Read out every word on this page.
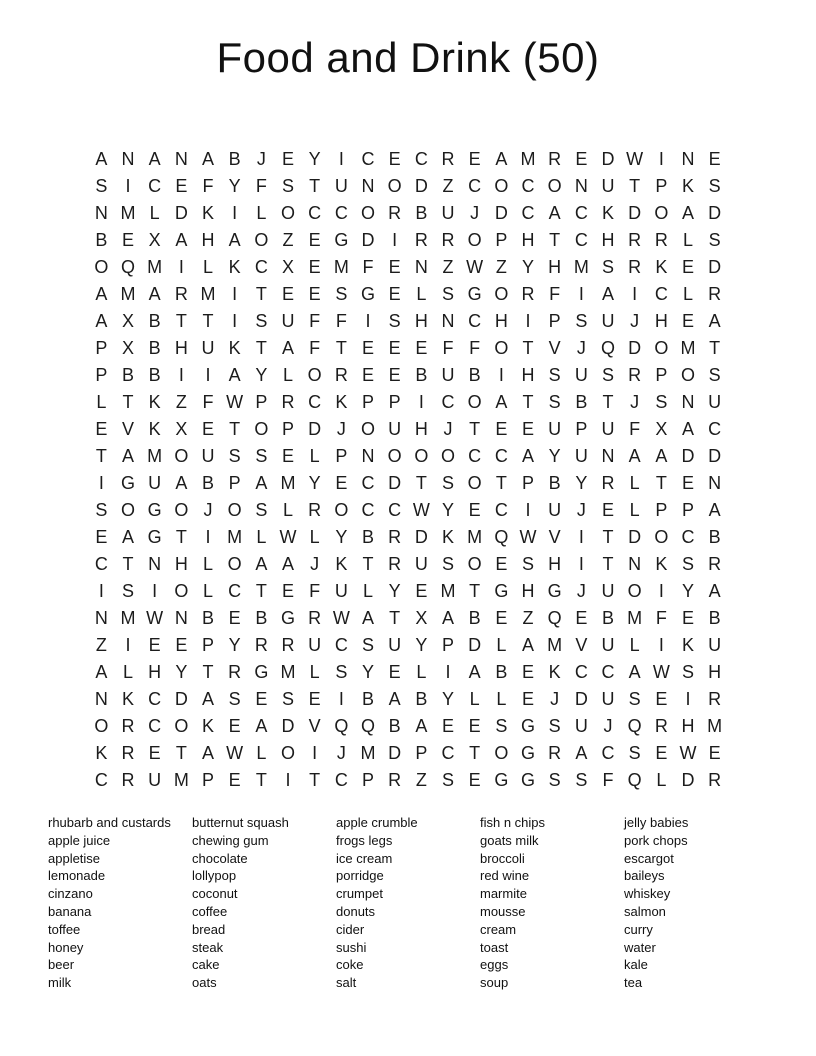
Food and Drink (50)
A N A N A B J E Y	I C E C R E A M R E D W I N E
S	I C E F Y F S T U N O D Z C O C O N U T P K S
N M L D K	I	L O C C O R B U J D C A C K D O A D
B E X A H A O Z E G D I R R O P H T C H R R L S
O Q M I	L K C X E M F E N Z W Z Y H M S R K E D
A M A R M I	T E E S G E L S G O R F	I	A	I C L R
A X B T T	I	S U F F	I	S H N C H I	P S U J H E A
P X B H U K T A F T E E E F F O T V J Q D O M T
P B B	I	I	A Y L O R E E B U B	I H S U S R P O S
L T K Z F W P R C K P P	I C O A T S B T J S N U
E V K X E T O P D J O U H J T E E U P U F X A C
T A M O U S S E L P N O O O C C A Y U N A A D D
I G U A B P A M Y E C D T S O T P B Y R L T E N
S O G O J O S L R O C C W Y E C I U J E L P P A
E A G T	I M L W L Y B R D K M Q W V	I	T D O C B
C T N H L O A A J K T R U S O E S H I	T N K S R
I	S	I O L C T E F U L Y E M T G H G J U O I	Y A
N M W N B E B G R W A T X A B E Z Q E B M F E B
Z	I	E E P Y R R U C S U Y P D L A M V U L	I	K U
A L H Y T R G M L S Y E L	I	A B E K C C A W S H
N K C D A S E S E	I	B A B Y L L E J D U S E	I R
O R C O K E A D V Q Q B A E E S G S U J Q R H M
K R E T A W L O I	J M D P C T O G R A C S E W E
C R U M P E T	I	T C P R Z S E G G S S F Q L D R
rhubarb and custards
apple juice
appletise
lemonade
cinzano
banana
toffee
honey
beer
milk
butternut squash
chewing gum
chocolate
lollypop
coconut
coffee
bread
steak
cake
oats
apple crumble
frogs legs
ice cream
porridge
crumpet
donuts
cider
sushi
coke
salt
fish n chips
goats milk
broccoli
red wine
marmite
mousse
cream
toast
eggs
soup
jelly babies
pork chops
escargot
baileys
whiskey
salmon
curry
water
kale
tea
